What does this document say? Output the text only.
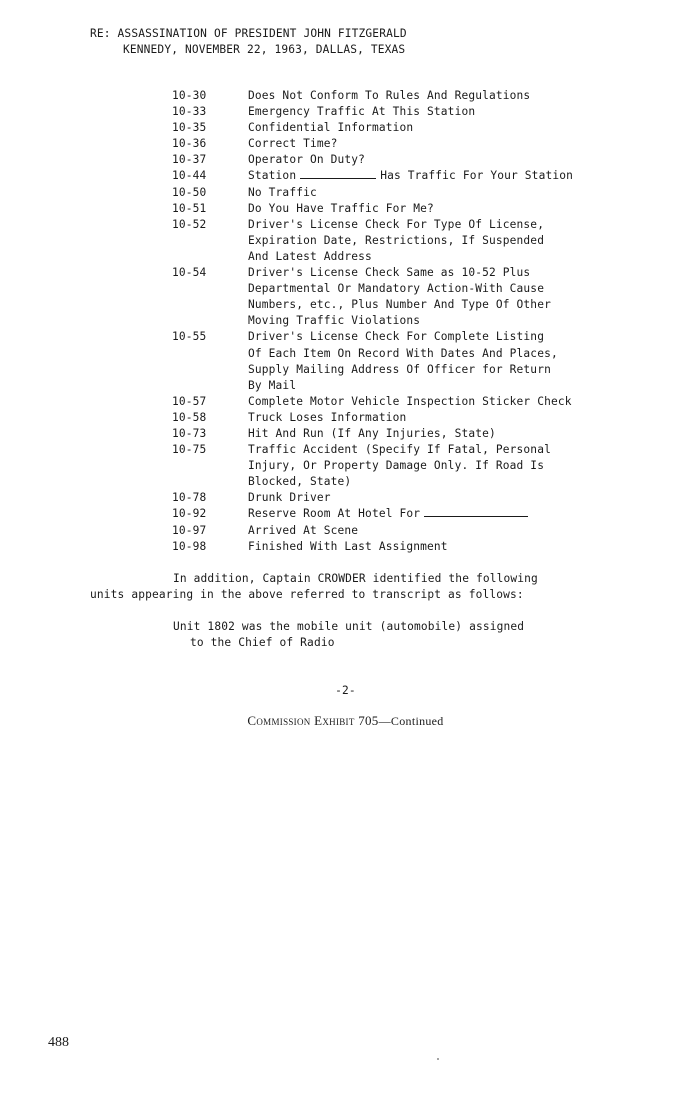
RE: ASSASSINATION OF PRESIDENT JOHN FITZGERALD
KENNEDY, NOVEMBER 22, 1963, DALLAS, TEXAS
10-30	Does Not Conform To Rules And Regulations
10-33	Emergency Traffic At This Station
10-35	Confidential Information
10-36	Correct Time?
10-37	Operator On Duty?
10-44	Station	Has Traffic For Your Station
10-50	No Traffic
10-51	Do You Have Traffic For Me?
10-52	Driver's License Check For Type Of License,
Expiration Date, Restrictions, If Suspended
And Latest Address
10-54	Driver's License Check Same as 10-52 Plus
Departmental Or Mandatory Action-With Cause
Numbers, etc., Plus Number And Type Of Other
Moving Traffic Violations
10-55	Driver's License Check For Complete Listing
Of Each Item On Record With Dates And Places,
Supply Mailing Address Of Officer for Return
By Mail
10-57	Complete Motor Vehicle Inspection Sticker Check
10-58	Truck Loses Information
10-73	Hit And Run (If Any Injuries, State)
10-75	Traffic Accident (Specify If Fatal, Personal
Injury, Or Property Damage Only. If Road Is
Blocked, State)
10-78	Drunk Driver
10-92	Reserve Room At Hotel For
10-97	Arrived At Scene
10-98	Finished With Last Assignment
In addition, Captain CROWDER identified the following
units appearing in the above referred to transcript as follows:
Unit 1802 was the mobile unit (automobile) assigned
to the Chief of Radio
-2-
Commission Exhibit 705—Continued
488
